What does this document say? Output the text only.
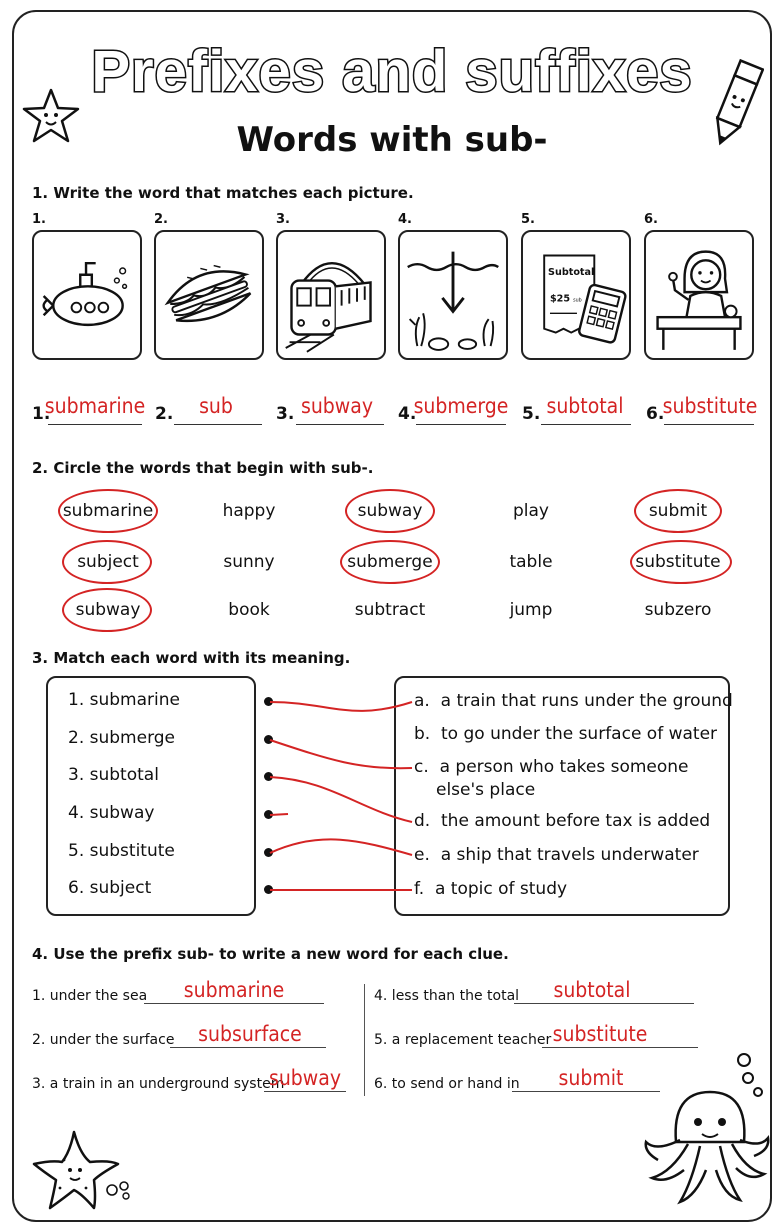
Prefixes and suffixes
Words with sub-
1. Write the word that matches each picture.
1.	2.	3.	4.	5.	6.
Subtotal
$25 sub
1.
submarine 2.	sub	3. subway	4.
submerge 5. subtotal	6.
substitute
2. Circle the words that begin with sub-.
submarine	happy	subway	play	submit
subject	sunny	submerge	table	substitute
subway	book	subtract	jump	subzero
3. Match each word with its meaning.
1. submarine
2. submerge
3. subtotal
4. subway
5. substitute
6. subject
a. a train that runs under the ground
b. to go under the surface of water
c. a person who takes someone
else's place
d. the amount before tax is added
e. a ship that travels underwater
f. a topic of study
4. Use the prefix sub- to write a new word for each clue.
1. under the sea	submarine
2. under the surface	subsurface
3. a train in an underground system
subway
4. less than the total	subtotal
5. a replacement teacher substitute
6. to send or hand in	submit
